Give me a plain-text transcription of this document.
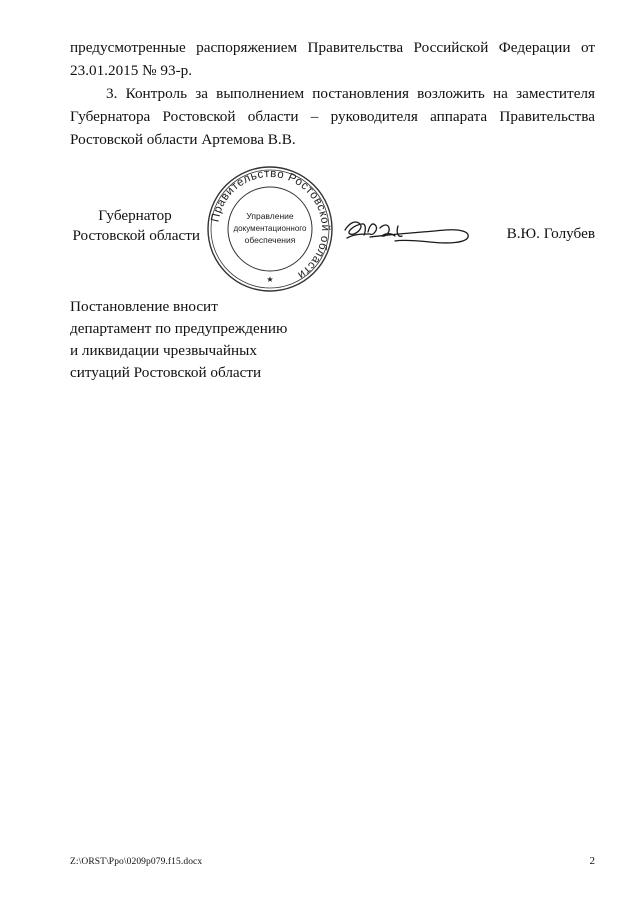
предусмотренные распоряжением Правительства Российской Федерации от 23.01.2015 № 93-р.

3. Контроль за выполнением постановления возложить на заместителя Губернатора Ростовской области – руководителя аппарата Правительства Ростовской области Артемова В.В.

Губернатор
Ростовской области
Правительство Ростовской области
Управление
документационного
обеспечения
★
В.Ю. Голубев
Постановление вносит
департамент по предупреждению
и ликвидации чрезвычайных
ситуаций Ростовской области
Z:\ORST\Ppo\0209p079.f15.docx	2
